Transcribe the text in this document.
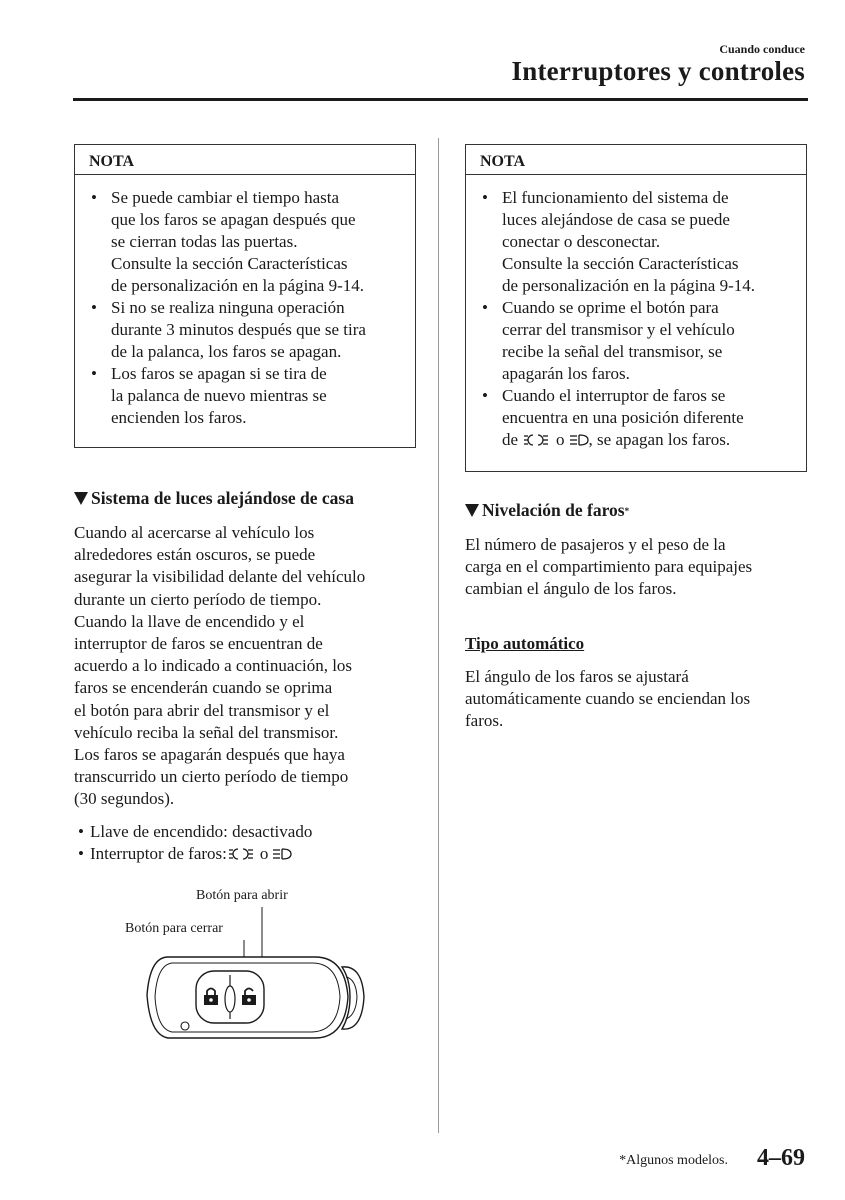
Cuando conduce
Interruptores y controles
NOTA
• Se puede cambiar el tiempo hasta
que los faros se apagan después que
se cierran todas las puertas.
Consulte la sección Características
de personalización en la página 9-14.
• Si no se realiza ninguna operación
durante 3 minutos después que se tira
de la palanca, los faros se apagan.
• Los faros se apagan si se tira de
la palanca de nuevo mientras se
encienden los faros.
Sistema de luces alejándose de casa
Cuando al acercarse al vehículo los
alrededores están oscuros, se puede
asegurar la visibilidad delante del vehículo
durante un cierto período de tiempo.
Cuando la llave de encendido y el
interruptor de faros se encuentran de
acuerdo a lo indicado a continuación, los
faros se encenderán cuando se oprima
el botón para abrir del transmisor y el
vehículo reciba la señal del transmisor.
Los faros se apagarán después que haya
transcurrido un cierto período de tiempo
(30 segundos).
• Llave de encendido: desactivado
• Interruptor de faros: o
Botón para abrir
Botón para cerrar
NOTA
• El funcionamiento del sistema de
luces alejándose de casa se puede
conectar o desconectar.
Consulte la sección Características
de personalización en la página 9-14.
• Cuando se oprime el botón para
cerrar del transmisor y el vehículo
recibe la señal del transmisor, se
apagarán los faros.
• Cuando el interruptor de faros se
encuentra en una posición diferente
de o , se apagan los faros.
Nivelación de faros *
El número de pasajeros y el peso de la
carga en el compartimiento para equipajes
cambian el ángulo de los faros.
Tipo automático
El ángulo de los faros se ajustará
automáticamente cuando se enciendan los
faros.
*Algunos modelos. 4–69
